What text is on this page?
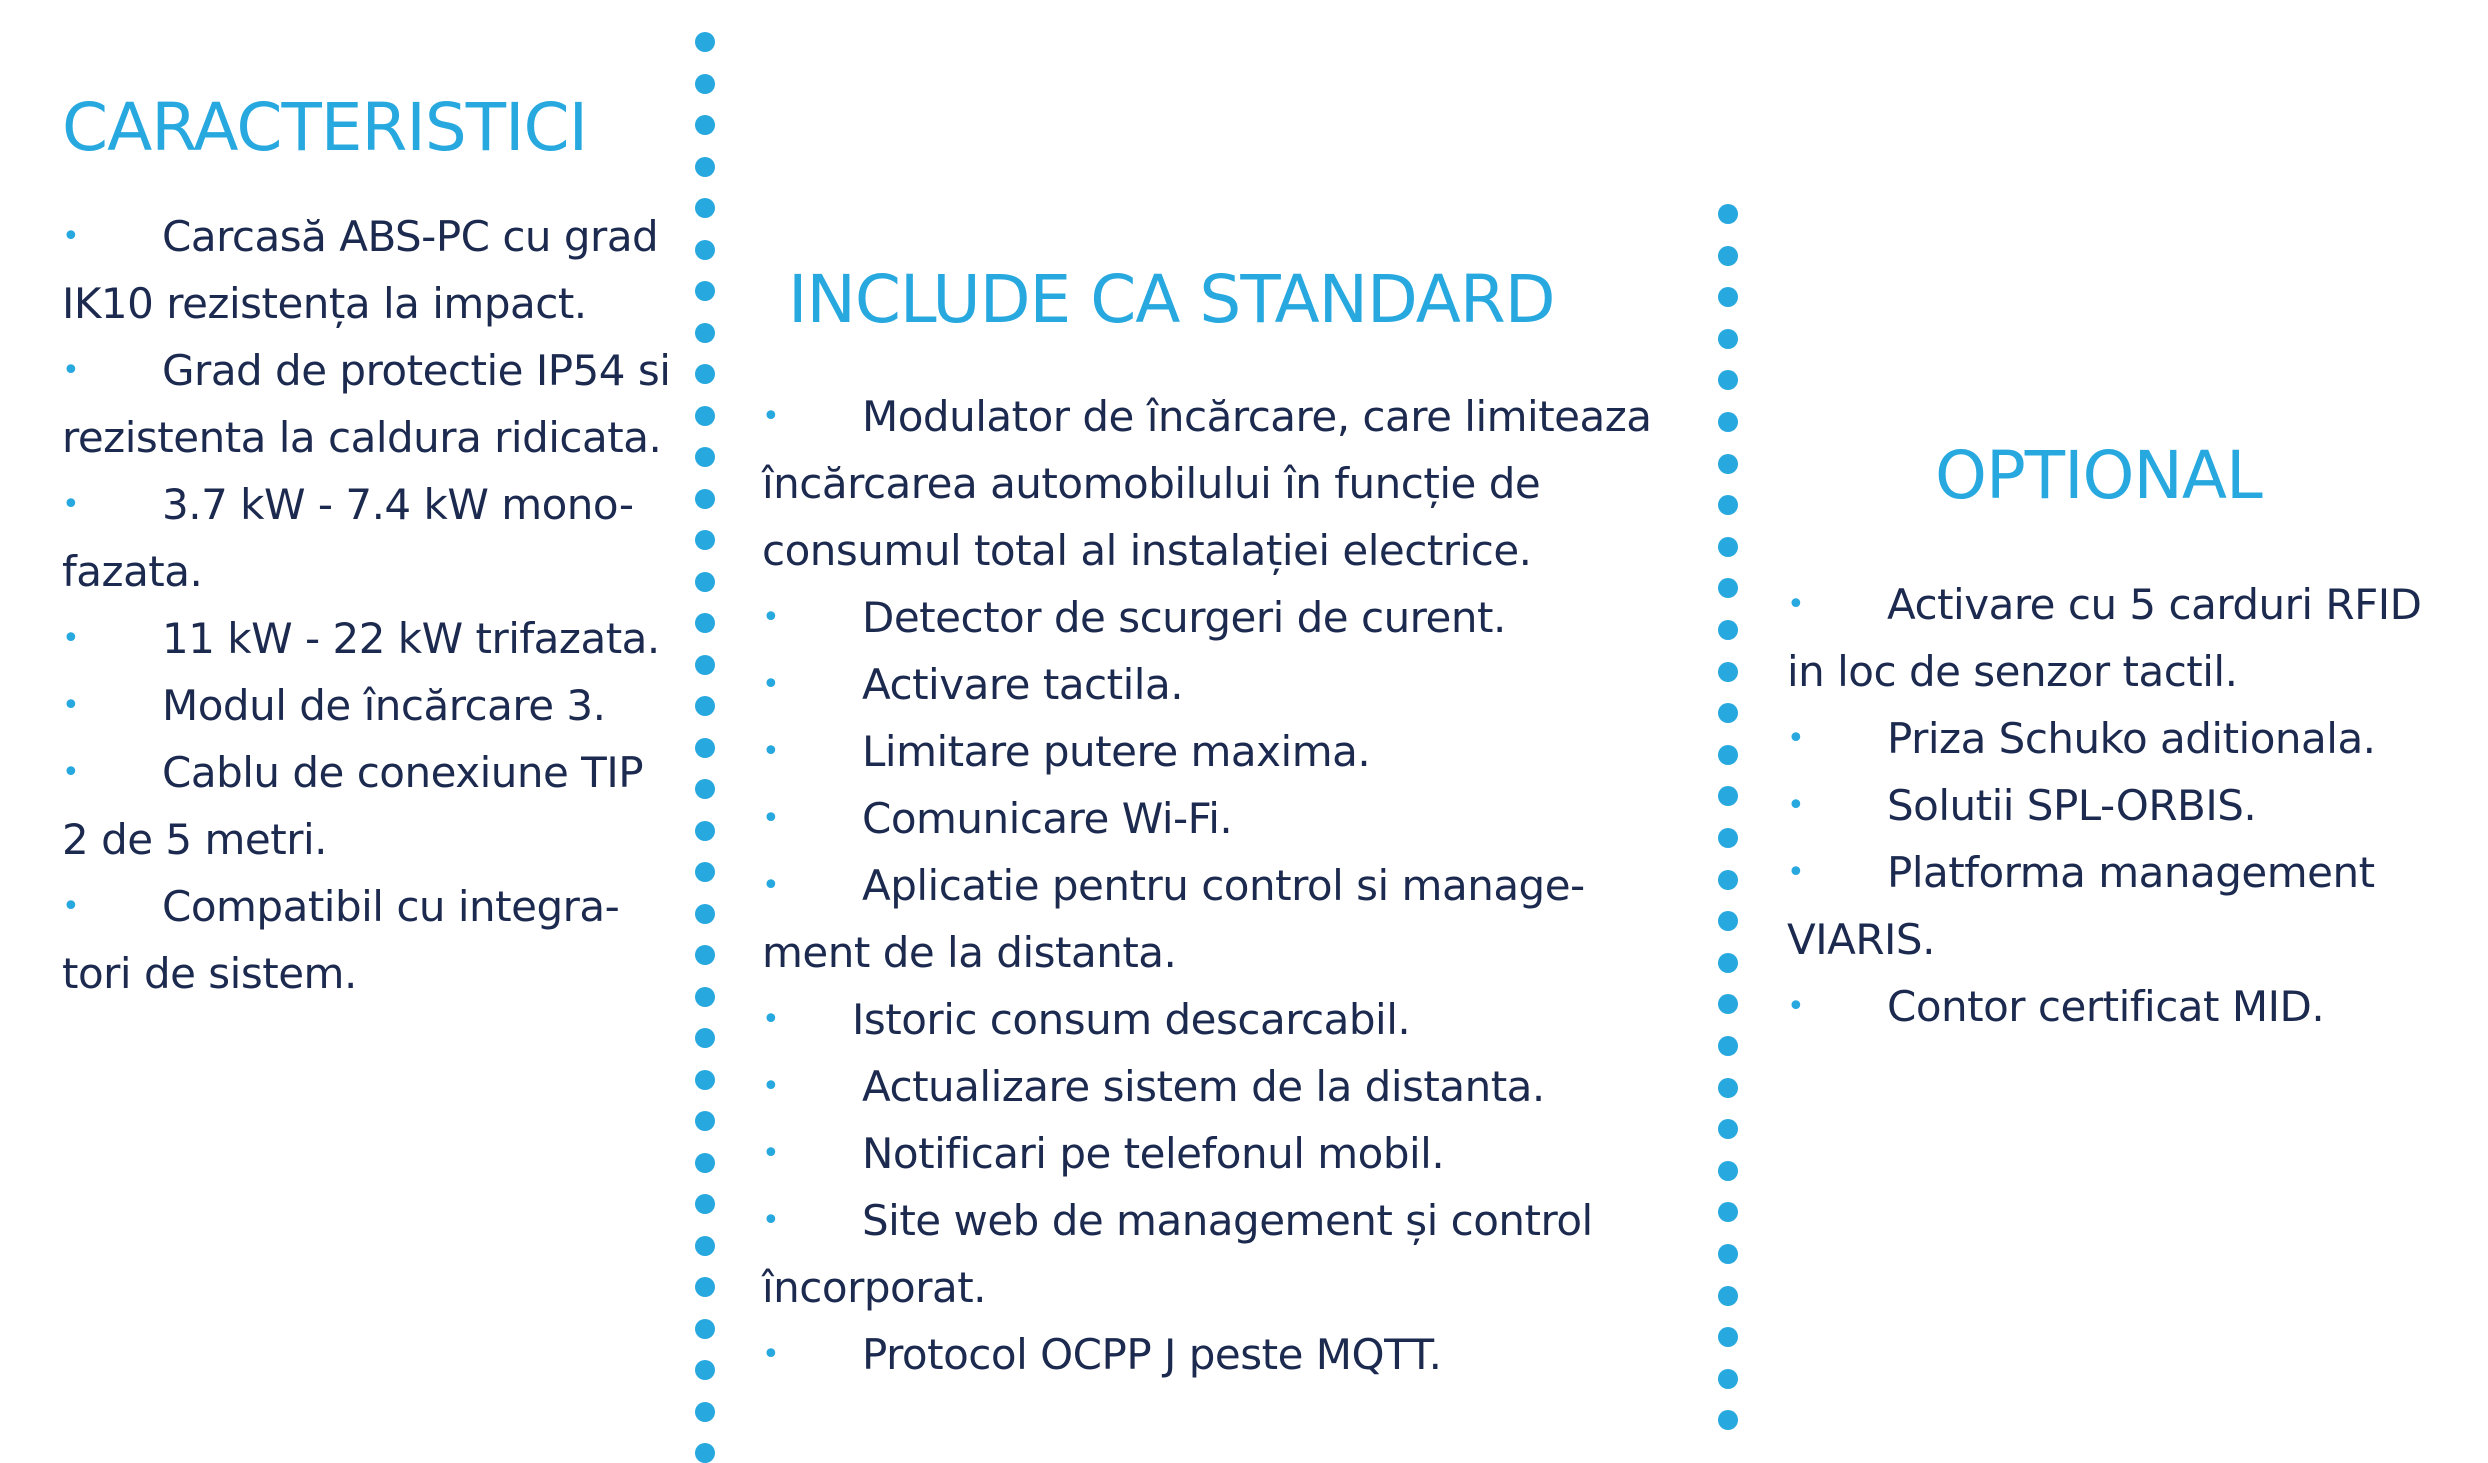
CARACTERISTICI
• Carcasă ABS-PC cu grad IK10 rezistența la impact.
• Grad de protectie IP54 si rezistenta la caldura ridicata.
• 3.7 kW - 7.4 kW mono-fazata.
• 11 kW - 22 kW trifazata.
• Modul de încărcare 3.
• Cablu de conexiune TIP 2 de 5 metri.
• Compatibil cu integra-tori de sistem.
INCLUDE CA STANDARD
• Modulator de încărcare, care limiteaza încărcarea automobilului în funcție de consumul total al instalației electrice.
• Detector de scurgeri de curent.
• Activare tactila.
• Limitare putere maxima.
• Comunicare Wi-Fi.
• Aplicatie pentru control si manage-ment de la distanta.
• Istoric consum descarcabil.
• Actualizare sistem de la distanta.
• Notificari pe telefonul mobil.
• Site web de management și control încorporat.
• Protocol OCPP J peste MQTT.
OPTIONAL
• Activare cu 5 carduri RFID in loc de senzor tactil.
• Priza Schuko aditionala.
• Solutii SPL-ORBIS.
• Platforma management VIARIS.
• Contor certificat MID.
